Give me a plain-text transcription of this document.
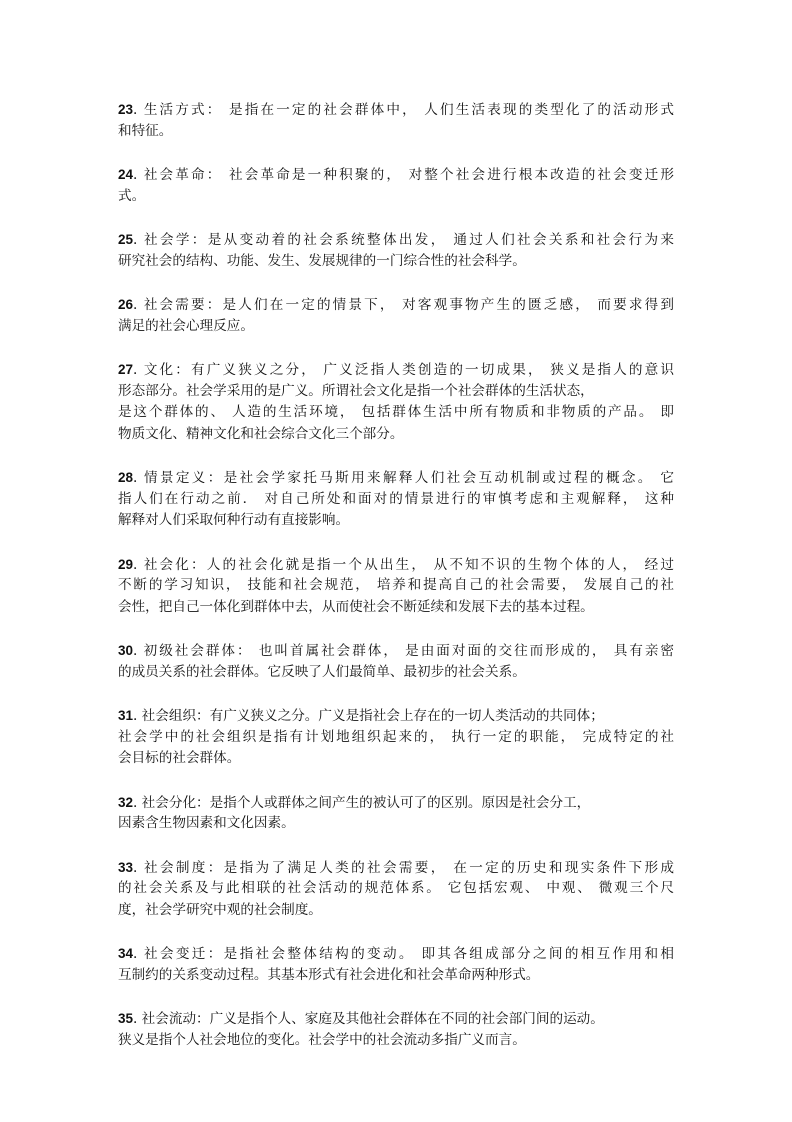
23. 生活方式： 是指在一定的社会群体中， 人们生活表现的类型化了的活动形式
和特征。
24. 社会革命： 社会革命是一种积聚的， 对整个社会进行根本改造的社会变迁形
式。
25. 社会学：是从变动着的社会系统整体出发， 通过人们社会关系和社会行为来
研究社会的结构、功能、发生、发展规律的一门综合性的社会科学。
26. 社会需要：是人们在一定的情景下， 对客观事物产生的匮乏感， 而要求得到
满足的社会心理反应。
27. 文化：有广义狭义之分， 广义泛指人类创造的一切成果， 狭义是指人的意识
形态部分。社会学采用的是广义。所谓社会文化是指一个社会群体的生活状态，
是这个群体的、 人造的生活环境， 包括群体生活中所有物质和非物质的产品。 即
物质文化、精神文化和社会综合文化三个部分。
28. 情景定义：是社会学家托马斯用来解释人们社会互动机制或过程的概念。 它
指人们在行动之前． 对自己所处和面对的情景进行的审慎考虑和主观解释， 这种
解释对人们采取何种行动有直接影响。
29. 社会化：人的社会化就是指一个从出生， 从不知不识的生物个体的人， 经过
不断的学习知识， 技能和社会规范， 培养和提高自己的社会需要， 发展自己的社
会性，把自己一体化到群体中去，从而使社会不断延续和发展下去的基本过程。
30. 初级社会群体： 也叫首属社会群体， 是由面对面的交往而形成的， 具有亲密
的成员关系的社会群体。它反映了人们最简单、最初步的社会关系。
31. 社会组织：有广义狭义之分。广义是指社会上存在的一切人类活动的共同体；
社会学中的社会组织是指有计划地组织起来的， 执行一定的职能， 完成特定的社
会目标的社会群体。
32. 社会分化：是指个人或群体之间产生的被认可了的区别。原因是社会分工，
因素含生物因素和文化因素。
33. 社会制度：是指为了满足人类的社会需要， 在一定的历史和现实条件下形成
的社会关系及与此相联的社会活动的规范体系。 它包括宏观、 中观、 微观三个尺
度，社会学研究中观的社会制度。
34. 社会变迁：是指社会整体结构的变动。 即其各组成部分之间的相互作用和相
互制约的关系变动过程。其基本形式有社会进化和社会革命两种形式。
35. 社会流动：广义是指个人、家庭及其他社会群体在不同的社会部门间的运动。
狭义是指个人社会地位的变化。社会学中的社会流动多指广义而言。
